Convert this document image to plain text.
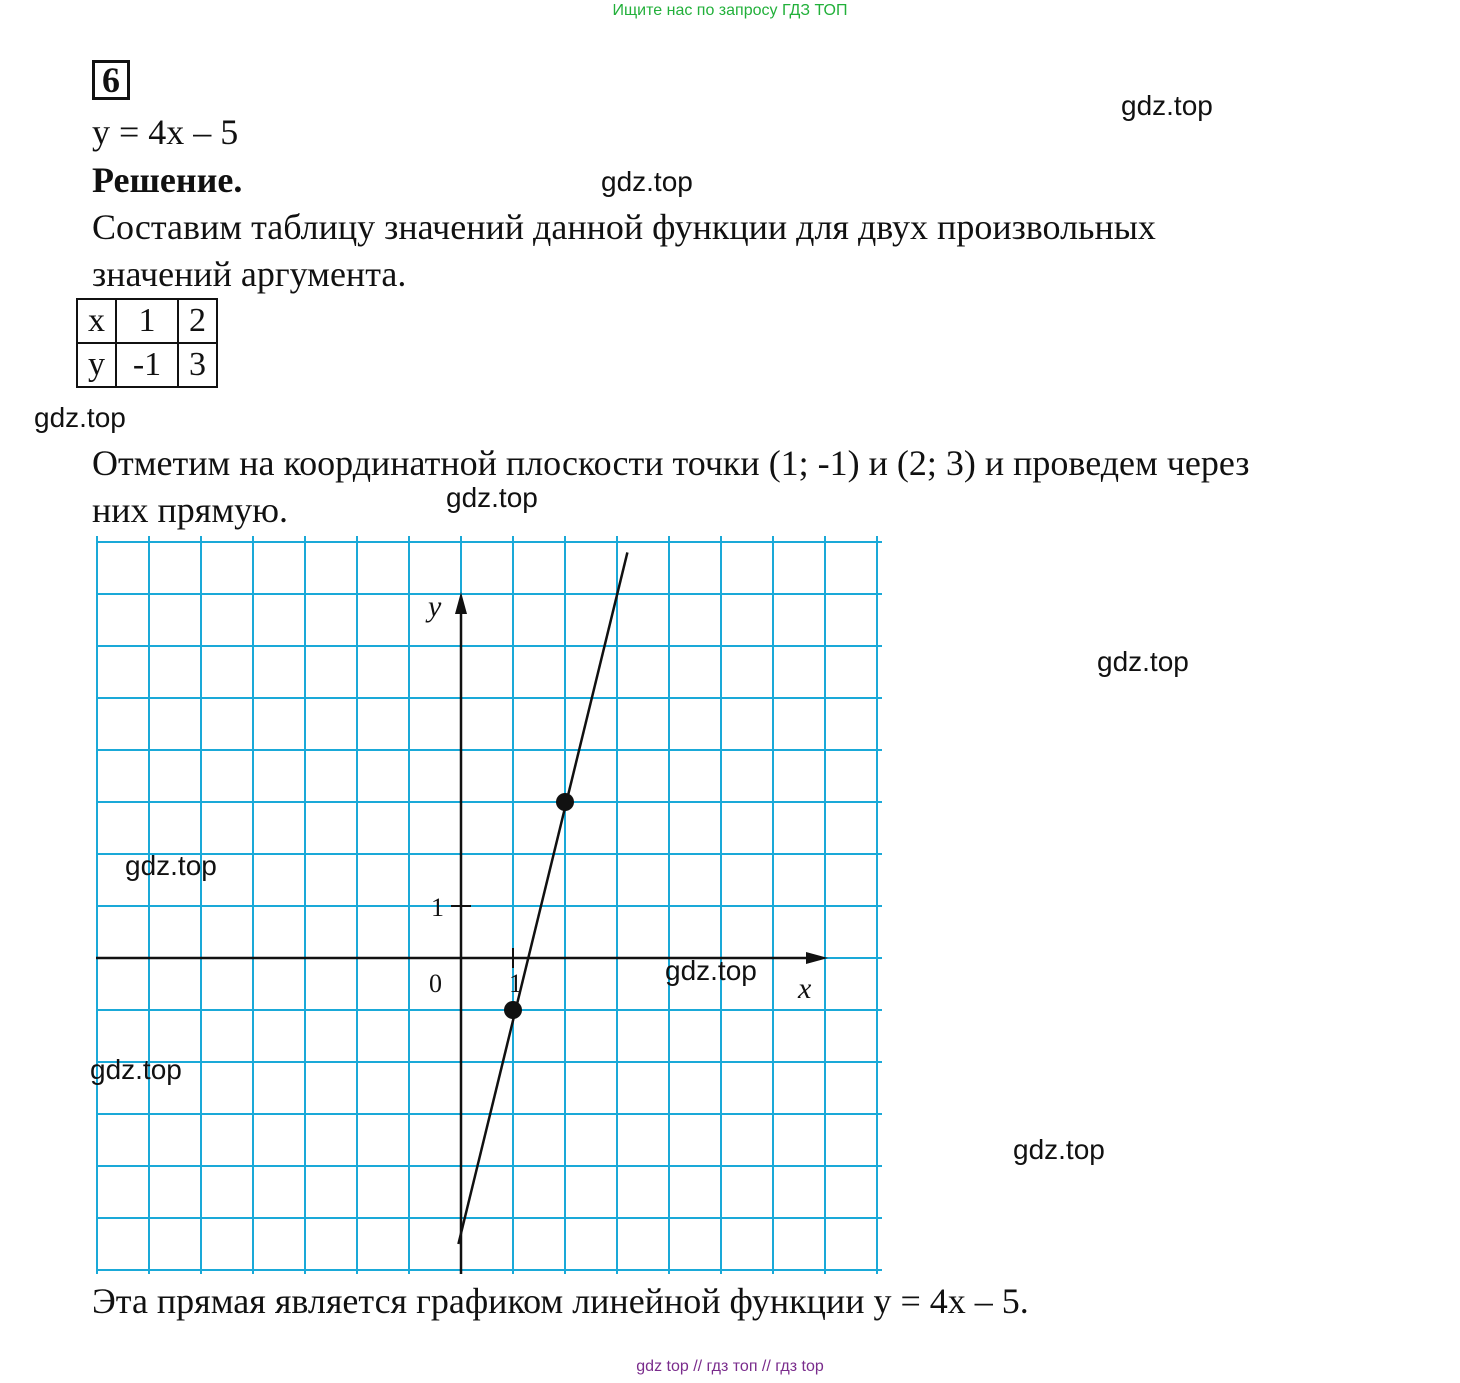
Ищите нас по запросу ГДЗ ТОП
6
y = 4x – 5
Решение.
Составим таблицу значений данной функции для двух произвольных
значений аргумента.
x	1	2
y	-1	3
Отметим на координатной плоскости точки (1; -1) и (2; 3) и проведем через
них прямую.
0	1
1
x
y
Эта прямая является графиком линейной функции y = 4x – 5.
gdz.top
gdz.top
gdz.top
gdz.top
gdz.top
gdz.top
gdz.top
gdz.top
gdz.top
gdz top // гдз топ // гдз top
